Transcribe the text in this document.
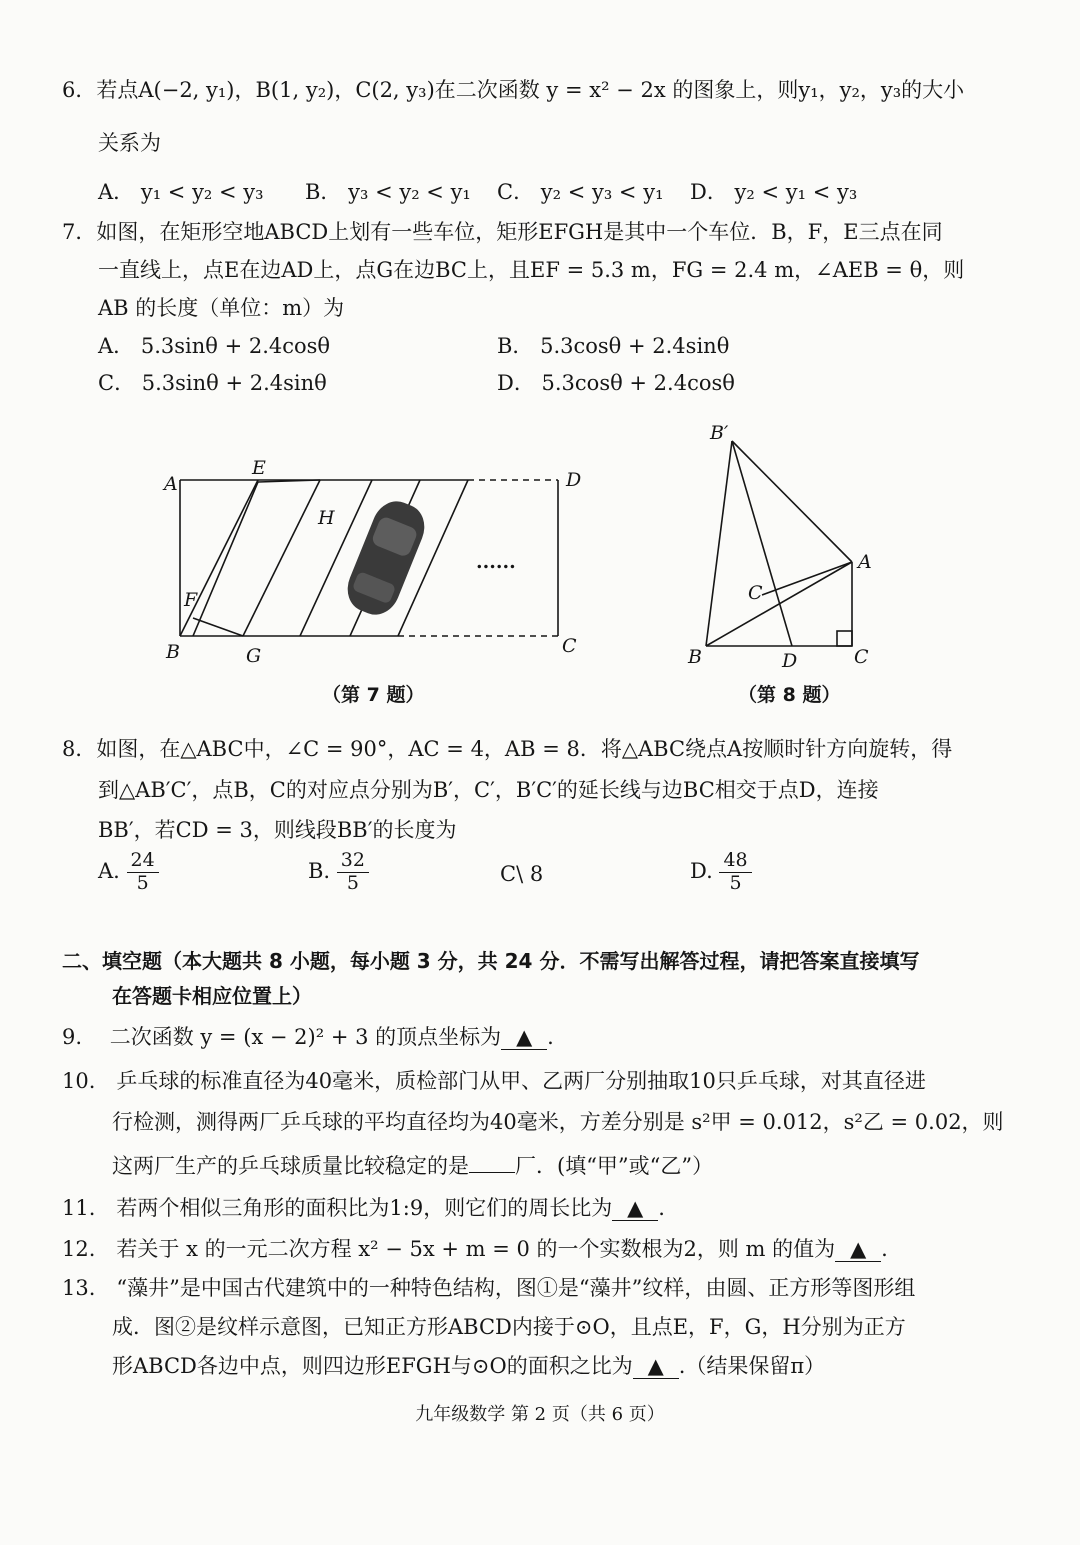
6．若点A(−2, y₁)，B(1, y₂)，C(2, y₃)在二次函数 y = x² − 2x 的图象上，则y₁，y₂，y₃的大小
关系为
A． y₁ < y₂ < y₃ B． y₃ < y₂ < y₁ C． y₂ < y₃ < y₁ D． y₂ < y₁ < y₃
7．如图，在矩形空地ABCD上划有一些车位，矩形EFGH是其中一个车位．B，F，E三点在同
一直线上，点E在边AD上，点G在边BC上，且EF = 5.3 m，FG = 2.4 m，∠AEB = θ，则
AB 的长度（单位：m）为
A． 5.3sinθ + 2.4cosθ	B． 5.3cosθ + 2.4sinθ
C． 5.3sinθ + 2.4sinθ	D． 5.3cosθ + 2.4cosθ
A
E
D
H
F
B	G	C
......
（第 7 题）
B′
A
C
B	D	C
（第 8 题）
8．如图，在△ABC中，∠C = 90°，AC = 4，AB = 8．将△ABC绕点A按顺时针方向旋转，得
到△AB′C′，点B，C的对应点分别为B′，C′，B′C′的延长线与边BC相交于点D，连接
BB′，若CD = 3，则线段BB′的长度为
A. $\frac{24}{5}$	B. $\frac{32}{5}$	C\ 8	D. $\frac{48}{5}$
二、填空题（本大题共 8 小题，每小题 3 分，共 24 分．不需写出解答过程，请把答案直接填写
在答题卡相应位置上）
9.　 二次函数 y = (x − 2)² + 3 的顶点坐标为 ▲ .
10.　乒乓球的标准直径为40毫米，质检部门从甲、乙两厂分别抽取10只乒乓球，对其直径进
行检测，测得两厂乒乓球的平均直径均为40毫米，方差分别是 s²甲 = 0.012，s²乙 = 0.02，则
这两厂生产的乒乓球质量比较稳定的是 厂．(填“甲”或“乙”）
11.　若两个相似三角形的面积比为1:9，则它们的周长比为 ▲ .
12.　若关于 x 的一元二次方程 x² − 5x + m = 0 的一个实数根为2，则 m 的值为 ▲ .
13.　“藻井”是中国古代建筑中的一种特色结构，图①是“藻井”纹样，由圆、正方形等图形组
成．图②是纹样示意图，已知正方形ABCD内接于⊙O，且点E，F，G，H分别为正方
形ABCD各边中点，则四边形EFGH与⊙O的面积之比为 ▲ .（结果保留π）
九年级数学 第 2 页（共 6 页）
